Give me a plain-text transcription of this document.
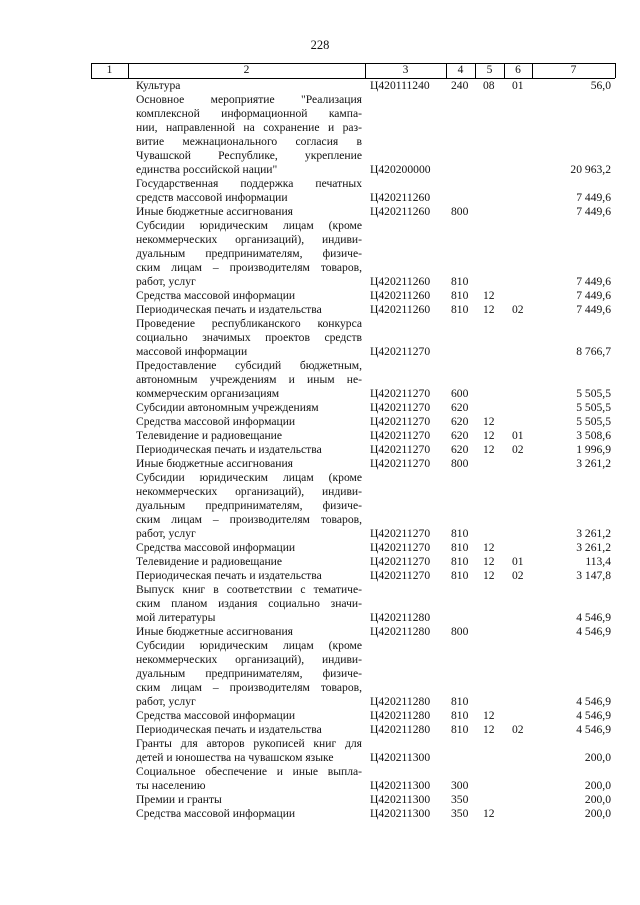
228
1	2	3	4	5	6	7
Культура	Ц420111240 240 08 01	56,0
Основное мероприятие "Реализация
комплексной информационной кампа-
нии, направленной на сохранение и раз-
витие межнационального согласия в
Чувашской Республике, укрепление
единства российской нации"	Ц420200000	20 963,2
Государственная поддержка печатных
средств массовой информации	Ц420211260	7 449,6
Иные бюджетные ассигнования	Ц420211260 800	7 449,6
Субсидии юридическим лицам (кроме
некоммерческих организаций), индиви-
дуальным предпринимателям, физиче-
ским лицам – производителям товаров,
работ, услуг	Ц420211260 810	7 449,6
Средства массовой информации	Ц420211260 810 12	7 449,6
Периодическая печать и издательства	Ц420211260 810 12 02	7 449,6
Проведение республиканского конкурса
социально значимых проектов средств
массовой информации	Ц420211270	8 766,7
Предоставление субсидий бюджетным,
автономным учреждениям и иным не-
коммерческим организациям	Ц420211270 600	5 505,5
Субсидии автономным учреждениям	Ц420211270 620	5 505,5
Средства массовой информации	Ц420211270 620 12	5 505,5
Телевидение и радиовещание	Ц420211270 620 12 01	3 508,6
Периодическая печать и издательства	Ц420211270 620 12 02	1 996,9
Иные бюджетные ассигнования	Ц420211270 800	3 261,2
Субсидии юридическим лицам (кроме
некоммерческих организаций), индиви-
дуальным предпринимателям, физиче-
ским лицам – производителям товаров,
работ, услуг	Ц420211270 810	3 261,2
Средства массовой информации	Ц420211270 810 12	3 261,2
Телевидение и радиовещание	Ц420211270 810 12 01	113,4
Периодическая печать и издательства	Ц420211270 810 12 02	3 147,8
Выпуск книг в соответствии с тематиче-
ским планом издания социально значи-
мой литературы	Ц420211280	4 546,9
Иные бюджетные ассигнования	Ц420211280 800	4 546,9
Субсидии юридическим лицам (кроме
некоммерческих организаций), индиви-
дуальным предпринимателям, физиче-
ским лицам – производителям товаров,
работ, услуг	Ц420211280 810	4 546,9
Средства массовой информации	Ц420211280 810 12	4 546,9
Периодическая печать и издательства	Ц420211280 810 12 02	4 546,9
Гранты для авторов рукописей книг для
детей и юношества на чувашском языке	Ц420211300	200,0
Социальное обеспечение и иные выпла-
ты населению	Ц420211300 300	200,0
Премии и гранты	Ц420211300 350	200,0
Средства массовой информации	Ц420211300 350 12	200,0
